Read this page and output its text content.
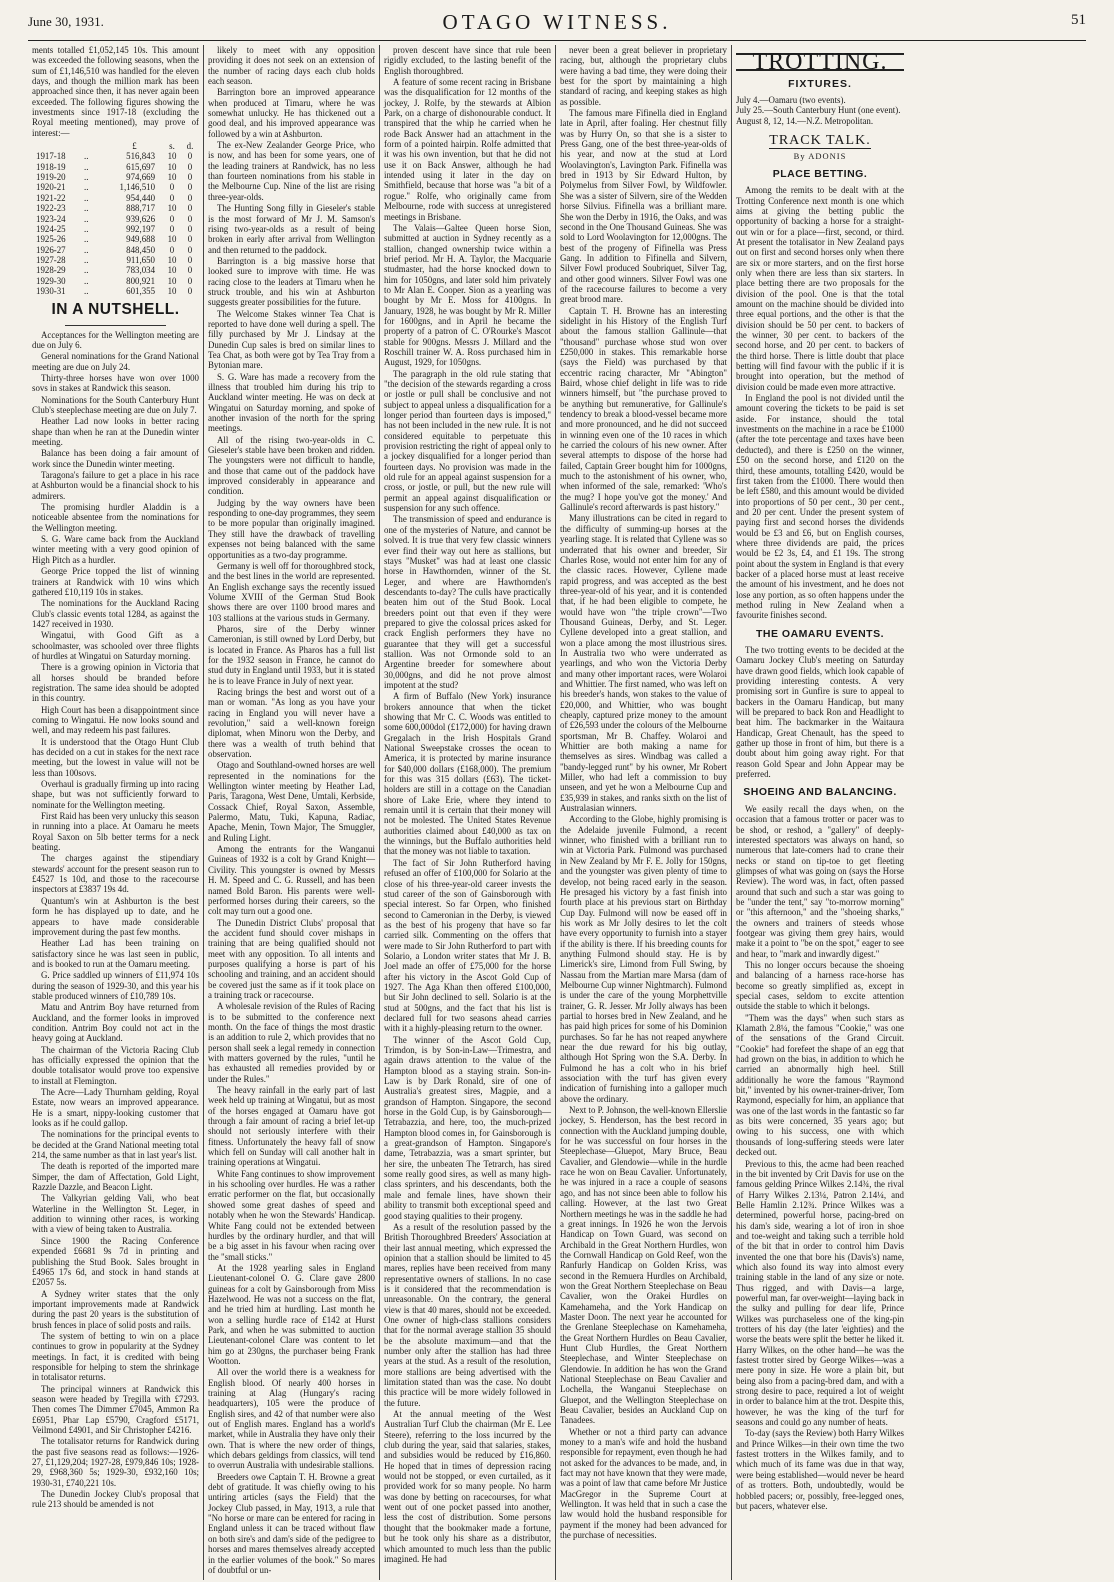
June 30, 1931.	OTAGO WITNESS.	51

ments totalled £1,052,145 10s. This amount was exceeded the following seasons, when the sum of £1,146,510 was handled for the eleven days, and though the million mark has been approached since then, it has never again been exceeded. The following figures showing the investments since 1917-18 (excluding the Royal meeting mentioned), may prove of interest:—

		£	s.	d.
1917-18	..	516,843	10	0
1918-19	..	615,697	10	0
1919-20	..	974,669	10	0
1920-21	..	1,146,510	0	0
1921-22	..	954,440	0	0
1922-23	..	888,717	10	0
1923-24	..	939,626	0	0
1924-25	..	992,197	0	0
1925-26	..	949,688	10	0
1926-27	..	848,450	0	0
1927-28	..	911,650	10	0
1928-29	..	783,034	10	0
1929-30	..	800,921	10	0
1930-31	..	601,355	10	0
IN A NUTSHELL.

Acceptances for the Wellington meeting are due on July 6.

General nominations for the Grand National meeting are due on July 24.

Thirty-three horses have won over 1000 sovs in stakes at Randwick this season.

Nominations for the South Canterbury Hunt Club's steeplechase meeting are due on July 7.

Heather Lad now looks in better racing shape than when he ran at the Dunedin winter meeting.

Balance has been doing a fair amount of work since the Dunedin winter meeting.

Taragona's failure to get a place in his race at Ashburton would be a financial shock to his admirers.

The promising hurdler Aladdin is a noticeable absentee from the nominations for the Wellington meeting.

S. G. Ware came back from the Auckland winter meeting with a very good opinion of High Pitch as a hurdler.

George Price topped the list of winning trainers at Randwick with 10 wins which gathered £10,119 10s in stakes.

The nominations for the Auckland Racing Club's classic events total 1284, as against the 1427 received in 1930.

Wingatui, with Good Gift as a schoolmaster, was schooled over three flights of hurdles at Wingatui on Saturday morning.

There is a growing opinion in Victoria that all horses should be branded before registration. The same idea should be adopted in this country.

High Court has been a disappointment since coming to Wingatui. He now looks sound and well, and may redeem his past failures.

It is understood that the Otago Hunt Club has decided on a cut in stakes for the next race meeting, but the lowest in value will not be less than 100sovs.

Overhaul is gradually firming up into racing shape, but was not sufficiently forward to nominate for the Wellington meeting.

First Raid has been very unlucky this season in running into a place. At Oamaru he meets Royal Saxon on 5lb better terms for a neck beating.

The charges against the stipendiary stewards' account for the present season run to £4527 1s 10d, and those to the racecourse inspectors at £3837 19s 4d.

Quantum's win at Ashburton is the best form he has displayed up to date, and he appears to have made considerable improvement during the past few months.

Heather Lad has been training on satisfactory since he was last seen in public, and is booked to run at the Oamaru meeting.

G. Price saddled up winners of £11,974 10s during the season of 1929-30, and this year his stable produced winners of £10,789 10s.

Matu and Antrim Boy have returned from Auckland, and the former looks in improved condition. Antrim Boy could not act in the heavy going at Auckland.

The chairman of the Victoria Racing Club has officially expressed the opinion that the double totalisator would prove too expensive to install at Flemington.

The Acre—Lady Thurnham gelding, Royal Estate, now wears an improved appearance. He is a smart, nippy-looking customer that looks as if he could gallop.

The nominations for the principal events to be decided at the Grand National meeting total 214, the same number as that in last year's list.

The death is reported of the imported mare Simper, the dam of Affectation, Gold Light, Razzle Dazzle, and Beacon Light.

The Valkyrian gelding Vali, who beat Waterline in the Wellington St. Leger, in addition to winning other races, is working with a view of being taken to Australia.

Since 1900 the Racing Conference expended £6681 9s 7d in printing and publishing the Stud Book. Sales brought in £4965 17s 6d, and stock in hand stands at £2057 5s.

A Sydney writer states that the only important improvements made at Randwick during the past 20 years is the substitution of brush fences in place of solid posts and rails.

The system of betting to win on a place continues to grow in popularity at the Sydney meetings. In fact, it is credited with being responsible for helping to stem the shrinkage in totalisator returns.

The principal winners at Randwick this season were headed by Tregilla with £7293. Then comes The Dimmer £7045, Ammon Ra £6951, Phar Lap £5790, Cragford £5171, Veilmond £4901, and Sir Christopher £4216.

The totalisator returns for Randwick during the past five seasons read as follows:—1926-27, £1,129,204; 1927-28, £979,846 10s; 1928-29, £968,360 5s; 1929-30, £932,160 10s; 1930-31, £740,221 10s.

The Dunedin Jockey Club's proposal that rule 213 should be amended is not

likely to meet with any opposition providing it does not seek on an extension of the number of racing days each club holds each season.

Barrington bore an improved appearance when produced at Timaru, where he was somewhat unlucky. He has thickened out a good deal, and his improved appearance was followed by a win at Ashburton.

The ex-New Zealander George Price, who is now, and has been for some years, one of the leading trainers at Randwick, has no less than fourteen nominations from his stable in the Melbourne Cup. Nine of the list are rising three-year-olds.

The Hunting Song filly in Gieseler's stable is the most forward of Mr J. M. Samson's rising two-year-olds as a result of being broken in early after arrival from Wellington and then returned to the paddock.

Barrington is a big massive horse that looked sure to improve with time. He was racing close to the leaders at Timaru when he struck trouble, and his win at Ashburton suggests greater possibilities for the future.

The Welcome Stakes winner Tea Chat is reported to have done well during a spell. The filly purchased by Mr J. Lindsay at the Dunedin Cup sales is bred on similar lines to Tea Chat, as both were got by Tea Tray from a Bytonian mare.

S. G. Ware has made a recovery from the illness that troubled him during his trip to Auckland winter meeting. He was on deck at Wingatui on Saturday morning, and spoke of another invasion of the north for the spring meetings.

All of the rising two-year-olds in C. Gieseler's stable have been broken and ridden. The youngsters were not difficult to handle, and those that came out of the paddock have improved considerably in appearance and condition.

Judging by the way owners have been responding to one-day programmes, they seem to be more popular than originally imagined. They still have the drawback of travelling expenses not being balanced with the same opportunities as a two-day programme.

Germany is well off for thoroughbred stock, and the best lines in the world are represented. An English exchange says the recently issued Volume XVIII of the German Stud Book shows there are over 1100 brood mares and 103 stallions at the various studs in Germany.

Pharos, sire of the Derby winner Cameronian, is still owned by Lord Derby, but is located in France. As Pharos has a full list for the 1932 season in France, he cannot do stud duty in England until 1933, but it is stated he is to leave France in July of next year.

Racing brings the best and worst out of a man or woman. "As long as you have your racing in England you will never have a revolution," said a well-known foreign diplomat, when Minoru won the Derby, and there was a wealth of truth behind that observation.

Otago and Southland-owned horses are well represented in the nominations for the Wellington winter meeting by Heather Lad, Paris, Taragona, West Dene, Umtali, Kerbside, Cossack Chief, Royal Saxon, Assemble, Palermo, Matu, Tuki, Kapuna, Radiac, Apache, Menin, Town Major, The Smuggler, and Ruling Light.

Among the entrants for the Wanganui Guineas of 1932 is a colt by Grand Knight—Civility. This youngster is owned by Messrs H. M. Speed and C. G. Russell, and has been named Bold Baron. His parents were well-performed horses during their careers, so the colt may turn out a good one.

The Dunedin District Clubs' proposal that the accident fund should cover mishaps in training that are being qualified should not meet with any opposition. To all intents and purposes qualifying a horse is part of his schooling and training, and an accident should be covered just the same as if it took place on a training track or racecourse.

A wholesale revision of the Rules of Racing is to be submitted to the conference next month. On the face of things the most drastic is an addition to rule 2, which provides that no person shall seek a legal remedy in connection with matters governed by the rules, "until he has exhausted all remedies provided by or under the Rules."

The heavy rainfall in the early part of last week held up training at Wingatui, but as most of the horses engaged at Oamaru have got through a fair amount of racing a brief let-up should not seriously interfere with their fitness. Unfortunately the heavy fall of snow which fell on Sunday will call another halt in training operations at Wingatui.

White Fang continues to show improvement in his schooling over hurdles. He was a rather erratic performer on the flat, but occasionally showed some great dashes of speed and notably when he won the Stewards' Handicap. White Fang could not be extended between hurdles by the ordinary hurdler, and that will be a big asset in his favour when racing over the "small sticks."

At the 1928 yearling sales in England Lieutenant-colonel O. G. Clare gave 2800 guineas for a colt by Gainsborough from Miss Hazelwood. He was not a success on the flat, and he tried him at hurdling. Last month he won a selling hurdle race of £142 at Hurst Park, and when he was submitted to auction Lieutenant-colonel Clare was content to let him go at 230gns, the purchaser being Frank Wootton.

All over the world there is a weakness for English blood. Of nearly 400 horses in training at Alag (Hungary's racing headquarters), 105 were the produce of English sires, and 42 of that number were also out of English mares. England has a world's market, while in Australia they have only their own. That is where the new order of things, which debars geldings from classics, will tend to overrun Australia with undesirable stallions.

Breeders owe Captain T. H. Browne a great debt of gratitude. It was chiefly owing to his untiring articles (says the Field) that the Jockey Club passed, in May, 1913, a rule that "No horse or mare can be entered for racing in England unless it can be traced without flaw on both sire's and dam's side of the pedigree to horses and mares themselves already accepted in the earlier volumes of the book." So mares of doubtful or un-

proven descent have since that rule been rigidly excluded, to the lasting benefit of the English thoroughbred.

A feature of some recent racing in Brisbane was the disqualification for 12 months of the jockey, J. Rolfe, by the stewards at Albion Park, on a charge of dishonourable conduct. It transpired that the whip he carried when he rode Back Answer had an attachment in the form of a pointed hairpin. Rolfe admitted that it was his own invention, but that he did not use it on Back Answer, although he had intended using it later in the day on Smithfield, because that horse was "a bit of a rogue." Rolfe, who originally came from Melbourne, rode with success at unregistered meetings in Brisbane.

The Valais—Galtee Queen horse Sion, submitted at auction in Sydney recently as a stallion, changed ownership twice within a brief period. Mr H. A. Taylor, the Macquarie studmaster, had the horse knocked down to him for 1050gns, and later sold him privately to Mr Alan E. Cooper. Sion as a yearling was bought by Mr E. Moss for 4100gns. In January, 1928, he was bought by Mr R. Miller for 1600gns, and in April he became the property of a patron of C. O'Rourke's Mascot stable for 900gns. Messrs J. Millard and the Roschill trainer W. A. Ross purchased him in August, 1929, for 1050gns.

The paragraph in the old rule stating that "the decision of the stewards regarding a cross or jostle or pull shall be conclusive and not subject to appeal unless a disqualification for a longer period than fourteen days is imposed," has not been included in the new rule. It is not considered equitable to perpetuate this provision restricting the right of appeal only to a jockey disqualified for a longer period than fourteen days. No provision was made in the old rule for an appeal against suspension for a cross, or jostle, or pull, but the new rule will permit an appeal against disqualification or suspension for any such offence.

The transmission of speed and endurance is one of the mysteries of Nature, and cannot be solved. It is true that very few classic winners ever find their way out here as stallions, but stays "Musket" was had at least one classic horse in Hawthornden, winner of the St. Leger, and where are Hawthornden's descendants to-day? The culls have practically beaten him out of the Stud Book. Local breeders point out that even if they were prepared to give the colossal prices asked for crack English performers they have no guarantee that they will get a successful stallion. Was not Ormonde sold to an Argentine breeder for somewhere about 30,000gns, and did he not prove almost impotent at the stud?

A firm of Buffalo (New York) insurance brokers announce that when the ticket showing that Mr C. C. Woods was entitled to some 600,000dol (£172,000) for having drawn Gregalach in the Irish Hospitals Grand National Sweepstake crosses the ocean to America, it is protected by marine insurance for $40,000 dollars (£168,000). The premium for this was 315 dollars (£63). The ticket-holders are still in a cottage on the Canadian shore of Lake Erie, where they intend to remain until it is certain that their money will not be molested. The United States Revenue authorities claimed about £40,000 as tax on the winnings, but the Buffalo authorities held that the money was not liable to taxation.

The fact of Sir John Rutherford having refused an offer of £100,000 for Solario at the close of his three-year-old career invests the stud career of the son of Gainsborough with special interest. So far Orpen, who finished second to Cameronian in the Derby, is viewed as the best of his progeny that have so far carried silk. Commenting on the offers that were made to Sir John Rutherford to part with Solario, a London writer states that Mr J. B. Joel made an offer of £75,000 for the horse after his victory in the Ascot Gold Cup of 1927. The Aga Khan then offered £100,000, but Sir John declined to sell. Solario is at the stud at 500gns, and the fact that his list is declared full for two seasons ahead carries with it a highly-pleasing return to the owner.

The winner of the Ascot Gold Cup, Trimdon, is by Son-in-Law—Trimestra, and again draws attention to the value of the Hampton blood as a staying strain. Son-in-Law is by Dark Ronald, sire of one of Australia's greatest sires, Magpie, and a grandson of Hampton. Singapore, the second horse in the Gold Cup, is by Gainsborough—Tetrabazzia, and here, too, the much-prized Hampton blood comes in, for Gainsborough is a great-grandson of Hampton. Singapore's dame, Tetrabazzia, was a smart sprinter, but her sire, the unbeaten The Tetrarch, has sired some really good sires, as well as many high-class sprinters, and his descendants, both the male and female lines, have shown their ability to transmit both exceptional speed and good staying qualities to their progeny.

As a result of the resolution passed by the British Thoroughbred Breeders' Association at their last annual meeting, which expressed the opinion that a stallion should be limited to 45 mares, replies have been received from many representative owners of stallions. In no case is it considered that the recommendation is unreasonable. On the contrary, the general view is that 40 mares, should not be exceeded. One owner of high-class stallions considers that for the normal average stallion 35 should be the absolute maximum—and that the number only after the stallion has had three years at the stud. As a result of the resolution, more stallions are being advertised with the limitation stated than was the case. No doubt this practice will be more widely followed in the future.

At the annual meeting of the West Australian Turf Club the chairman (Mr E. Lee Steere), referring to the loss incurred by the club during the year, said that salaries, stakes, and subsidies would be reduced by £16,860. He hoped that in times of depression racing would not be stopped, or even curtailed, as it provided work for so many people. No harm was done by betting on racecourses, for what went out of one pocket passed into another, less the cost of distribution. Some persons thought that the bookmaker made a fortune, but he took only his share as a distributor, which amounted to much less than the public imagined. He had

never been a great believer in proprietary racing, but, although the proprietary clubs were having a bad time, they were doing their best for the sport by maintaining a high standard of racing, and keeping stakes as high as possible.

The famous mare Fifinella died in England late in April, after foaling. Her chestnut filly was by Hurry On, so that she is a sister to Press Gang, one of the best three-year-olds of his year, and now at the stud at Lord Woolavington's, Lavington Park. Fifinella was bred in 1913 by Sir Edward Hulton, by Polymelus from Silver Fowl, by Wildfowler. She was a sister of Silvern, sire of the Wedden horse Silvius. Fifinella was a brilliant mare. She won the Derby in 1916, the Oaks, and was second in the One Thousand Guineas. She was sold to Lord Woolavington for 12,000gns. The best of the progeny of Fifinella was Press Gang. In addition to Fifinella and Silvern, Silver Fowl produced Soubriquet, Silver Tag, and other good winners. Silver Fowl was one of the racecourse failures to become a very great brood mare.

Captain T. H. Browne has an interesting sidelight in his History of the English Turf about the famous stallion Gallinule—that "thousand" purchase whose stud won over £250,000 in stakes. This remarkable horse (says the Field) was purchased by that eccentric racing character, Mr "Abington" Baird, whose chief delight in life was to ride winners himself, but "the purchase proved to be anything but remunerative, for Gallinule's tendency to break a blood-vessel became more and more pronounced, and he did not succeed in winning even one of the 10 races in which he carried the colours of his new owner. After several attempts to dispose of the horse had failed, Captain Greer bought him for 1000gns, much to the astonishment of his owner, who, when informed of the sale, remarked: 'Who's the mug? I hope you've got the money.' And Gallinule's record afterwards is past history."

Many illustrations can be cited in regard to the difficulty of summing-up horses at the yearling stage. It is related that Cyllene was so underrated that his owner and breeder, Sir Charles Rose, would not enter him for any of the classic races. However, Cyllene made rapid progress, and was accepted as the best three-year-old of his year, and it is contended that, if he had been eligible to compete, he would have won "the triple crown"—Two Thousand Guineas, Derby, and St. Leger. Cyllene developed into a great stallion, and won a place among the most illustrious sires. In Australia two who were underrated as yearlings, and who won the Victoria Derby and many other important races, were Wolaroi and Whittier. The first named, who was left on his breeder's hands, won stakes to the value of £20,000, and Whittier, who was bought cheaply, captured prize money to the amount of £26,593 under the colours of the Melbourne sportsman, Mr B. Chaffey. Wolaroi and Whittier are both making a name for themselves as sires. Windbag was called a "bandy-legged runt" by his owner, Mr Robert Miller, who had left a commission to buy unseen, and yet he won a Melbourne Cup and £35,939 in stakes, and ranks sixth on the list of Australasian winners.

According to the Globe, highly promising is the Adelaide juvenile Fulmond, a recent winner, who finished with a brilliant run to win at Victoria Park. Fulmond was purchased in New Zealand by Mr F. E. Jolly for 150gns, and the youngster was given plenty of time to develop, not being raced early in the season. He presaged his victory by a fast finish into fourth place at his previous start on Birthday Cup Day. Fulmond will now be eased off in his work as Mr Jolly desires to let the colt have every opportunity to furnish into a stayer if the ability is there. If his breeding counts for anything Fulmond should stay. He is by Limerick's sire, Limond from Full Swing, by Nassau from the Martian mare Marsa (dam of Melbourne Cup winner Nightmarch). Fulmond is under the care of the young Morphettville trainer, G. R. Jesser. Mr Jolly always has been partial to horses bred in New Zealand, and he has paid high prices for some of his Dominion purchases. So far he has not reaped anywhere near the due reward for his big outlay, although Hot Spring won the S.A. Derby. In Fulmond he has a colt who in his brief association with the turf has given every indication of furnishing into a galloper much above the ordinary.

Next to P. Johnson, the well-known Ellerslie jockey, S. Henderson, has the best record in connection with the Auckland jumping double, for he was successful on four horses in the Steeplechase—Gluepot, Mary Bruce, Beau Cavalier, and Glendowie—while in the hurdle race he won on Beau Cavalier. Unfortunately, he was injured in a race a couple of seasons ago, and has not since been able to follow his calling. However, at the last two Great Northern meetings he was in the saddle he had a great innings. In 1926 he won the Jervois Handicap on Town Guard, was second on Archibald in the Great Northern Hurdles, won the Cornwall Handicap on Gold Reef, won the Ranfurly Handicap on Golden Kriss, was second in the Remuera Hurdles on Archibald, won the Great Northern Steeplechase on Beau Cavalier, won the Orakei Hurdles on Kamehameha, and the York Handicap on Master Doon. The next year he accounted for the Grenlane Steeplechase on Kamehameha, the Great Northern Hurdles on Beau Cavalier, Hunt Club Hurdles, the Great Northern Steeplechase, and Winter Steeplechase on Glendowie. In addition he has won the Grand National Steeplechase on Beau Cavalier and Lochella, the Wanganui Steeplechase on Gluepot, and the Wellington Steeplechase on Beau Cavalier, besides an Auckland Cup on Tanadees.

Whether or not a third party can advance money to a man's wife and hold the husband responsible for repayment, even though he had not asked for the advances to be made, and, in fact may not have known that they were made, was a point of law that came before Mr Justice MacGregor in the Supreme Court at Wellington. It was held that in such a case the law would hold the husband responsible for payment if the money had been advanced for the purchase of necessities.

TROTTING.
FIXTURES.
July 4.—Oamaru (two events).
July 25.—South Canterbury Hunt (one event).
August 8, 12, 14.—N.Z. Metropolitan.
TRACK TALK.
By ADONIS
PLACE BETTING.

Among the remits to be dealt with at the Trotting Conference next month is one which aims at giving the betting public the opportunity of backing a horse for a straight-out win or for a place—first, second, or third. At present the totalisator in New Zealand pays out on first and second horses only when there are six or more starters, and on the first horse only when there are less than six starters. In place betting there are two proposals for the division of the pool. One is that the total amount on the machine should be divided into three equal portions, and the other is that the division should be 50 per cent. to backers of the winner, 30 per cent. to backers of the second horse, and 20 per cent. to backers of the third horse. There is little doubt that place betting will find favour with the public if it is brought into operation, but the method of division could be made even more attractive.

In England the pool is not divided until the amount covering the tickets to be paid is set aside. For instance, should the total investments on the machine in a race be £1000 (after the tote percentage and taxes have been deducted), and there is £250 on the winner, £50 on the second horse, and £120 on the third, these amounts, totalling £420, would be first taken from the £1000. There would then be left £580, and this amount would be divided into proportions of 50 per cent., 30 per cent., and 20 per cent. Under the present system of paying first and second horses the dividends would be £3 and £6, but on English courses, where three dividends are paid, the prices would be £2 3s, £4, and £1 19s. The strong point about the system in England is that every backer of a placed horse must at least receive the amount of his investment, and he does not lose any portion, as so often happens under the method ruling in New Zealand when a favourite finishes second.

THE OAMARU EVENTS.

The two trotting events to be decided at the Oamaru Jockey Club's meeting on Saturday have drawn good fields, which look capable of providing interesting contests. A very promising sort in Gunfire is sure to appeal to backers in the Oamaru Handicap, but many will be prepared to back Ron and Headlight to beat him. The backmarker in the Waitaura Handicap, Great Chenault, has the speed to gather up those in front of him, but there is a doubt about him going away right. For that reason Gold Spear and John Appear may be preferred.

SHOEING AND BALANCING.

We easily recall the days when, on the occasion that a famous trotter or pacer was to be shod, or reshod, a "gallery" of deeply-interested spectators was always on hand, so numerous that late-comers had to crane their necks or stand on tip-toe to get fleeting glimpses of what was going on (says the Horse Review). The word was, in fact, often passed around that such and such a star was going to be "under the tent," say "to-morrow morning" or "this afternoon," and the "shoeing sharks," the owners and trainers of steeds whose footgear was giving them grey hairs, would make it a point to "be on the spot," eager to see and hear, to "mark and inwardly digest."

This no longer occurs because the shoeing and balancing of a harness race-horse has become so greatly simplified as, except in special cases, seldom to excite attention outside the stable to which it belongs.

"Them was the days" when such stars as Klamath 2.8¼, the famous "Cookie," was one of the sensations of the Grand Circuit. "Cookie" had forefeet the shape of an egg that had grown on the bias, in addition to which he carried an abnormally high heel. Still additionally he wore the famous "Raymond bit," invented by his owner-trainer-driver, Tom Raymond, especially for him, an appliance that was one of the last words in the fantastic so far as bits were concerned, 35 years ago; but owing to his success, one with which thousands of long-suffering steeds were later decked out.

Previous to this, the acme had been reached in the bit invented by Crit Davis for use on the famous gelding Prince Wilkes 2.14¾, the rival of Harry Wilkes 2.13¼, Patron 2.14¼, and Belle Hamlin 2.12¾. Prince Wilkes was a determined, powerful horse, pacing-bred on his dam's side, wearing a lot of iron in shoe and toe-weight and taking such a terrible hold of the bit that in order to control him Davis invented the one that bore his (Davis's) name, which also found its way into almost every training stable in the land of any size or note. Thus rigged, and with Davis—a large, powerful man, far over-weight—laying back in the sulky and pulling for dear life, Prince Wilkes was purchaseless one of the king-pin trotters of his day (the later 'eighties) and the worse the beats were split the better he liked it. Harry Wilkes, on the other hand—he was the fastest trotter sired by George Wilkes—was a mere pony in size. He wore a plain bit, but being also from a pacing-bred dam, and with a strong desire to pace, required a lot of weight in order to balance him at the trot. Despite this, however, he was the king of the turf for seasons and could go any number of heats.

To-day (says the Review) both Harry Wilkes and Prince Wilkes—in their own time the two fastest trotters in the Wilkes family, and to which much of its fame was due in that way, were being established—would never be heard of as trotters. Both, undoubtedly, would be hobbled pacers; or, possibly, free-legged ones, but pacers, whatever else.
